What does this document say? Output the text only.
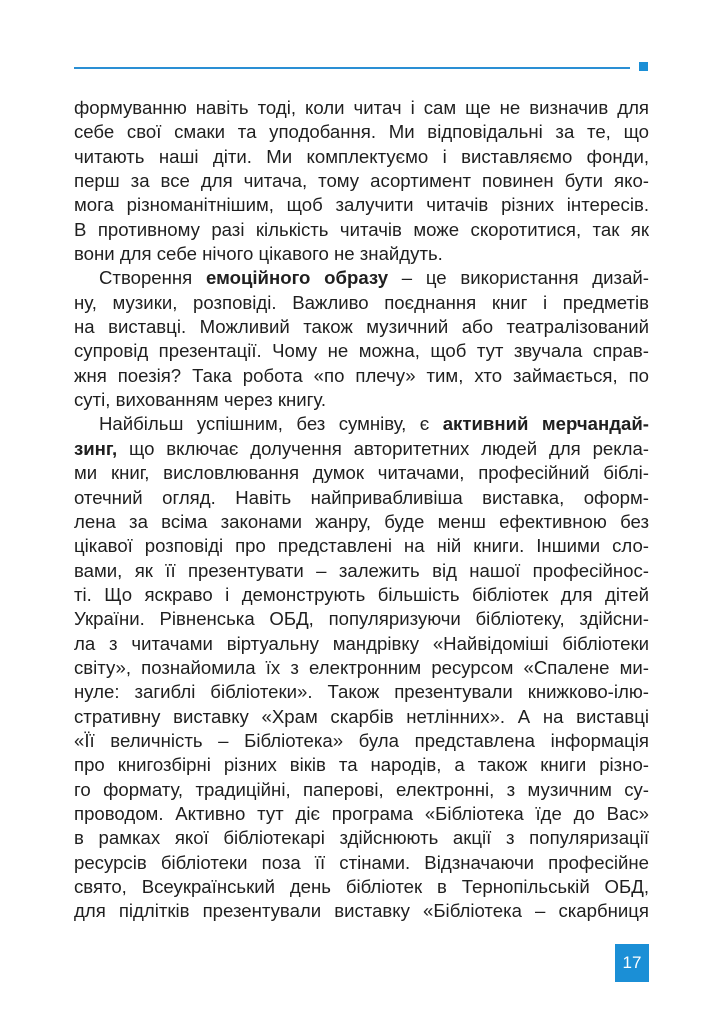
формуванню навіть тоді, коли читач і сам ще не визначив для
себе свої смаки та уподобання. Ми відповідальні за те, що
читають наші діти. Ми комплектуємо і виставляємо фонди,
перш за все для читача, тому асортимент повинен бути яко-
мога різноманітнішим, щоб залучити читачів різних інтересів.
В противному разі кількість читачів може скоротитися, так як
вони для себе нічого цікавого не знайдуть.
Створення емоційного образу – це використання дизай-
ну, музики, розповіді. Важливо поєднання книг і предметів
на виставці. Можливий також музичний або театралізований
супровід презентації. Чому не можна, щоб тут звучала справ-
жня поезія? Така робота «по плечу» тим, хто займається, по
суті, вихованням через книгу.
Найбільш успішним, без сумніву, є активний мерчандай-
зинг, що включає долучення авторитетних людей для рекла-
ми книг, висловлювання думок читачами, професійний біблі-
отечний огляд. Навіть найпривабливіша виставка, оформ-
лена за всіма законами жанру, буде менш ефективною без
цікавої розповіді про представлені на ній книги. Іншими сло-
вами, як її презентувати – залежить від нашої професійнос-
ті. Що яскраво і демонструють більшість бібліотек для дітей
України. Рівненська ОБД, популяризуючи бібліотеку, здійсни-
ла з читачами віртуальну мандрівку «Найвідоміші бібліотеки
світу», познайомила їх з електронним ресурсом «Спалене ми-
нуле: загиблі бібліотеки». Також презентували книжково-ілю-
стративну виставку «Храм скарбів нетлінних». А на виставці
«Її величність – Бібліотека» була представлена інформація
про книгозбірні різних віків та народів, а також книги різно-
го формату, традиційні, паперові, електронні, з музичним су-
проводом. Активно тут діє програма «Бібліотека їде до Вас»
в рамках якої бібліотекарі здійснюють акції з популяризації
ресурсів бібліотеки поза її стінами. Відзначаючи професійне
свято, Всеукраїнський день бібліотек в Тернопільській ОБД,
для підлітків презентували виставку «Бібліотека – скарбниця
17
